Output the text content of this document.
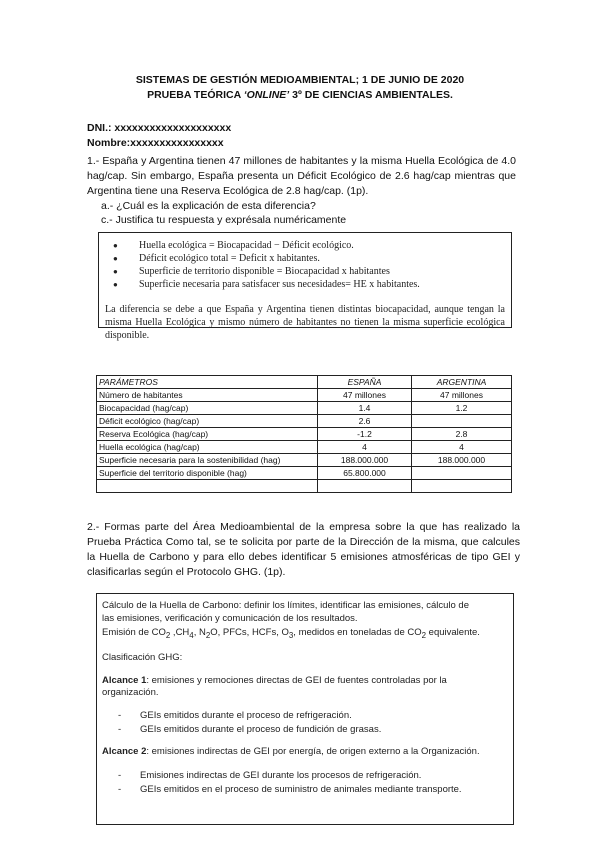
SISTEMAS DE GESTIÓN MEDIOAMBIENTAL; 1 DE JUNIO DE 2020
PRUEBA TEÓRICA ‘ONLINE’ 3º DE CIENCIAS AMBIENTALES.
DNI.: xxxxxxxxxxxxxxxxxxxx
Nombre:xxxxxxxxxxxxxxxx
1.- España y Argentina tienen 47 millones de habitantes y la misma Huella Ecológica de 4.0 hag/cap. Sin embargo, España presenta un Déficit Ecológico de 2.6 hag/cap mientras que Argentina tiene una Reserva Ecológica de 2.8 hag/cap. (1p).
a.- ¿Cuál es la explicación de esta diferencia?
c.- Justifica tu respuesta y exprésala numéricamente
● Huella ecológica = Biocapacidad − Déficit ecológico.
● Déficit ecológico total = Deficit x habitantes.
● Superficie de territorio disponible = Biocapacidad x habitantes
● Superficie necesaria para satisfacer sus necesidades= HE x habitantes.
La diferencia se debe a que España y Argentina tienen distintas biocapacidad, aunque tengan la misma Huella Ecológica y mismo número de habitantes no tienen la misma superficie ecológica disponible.
PARÁMETROS	ESPAÑA	ARGENTINA
Número de habitantes	47 millones	47 millones
Biocapacidad (hag/cap)	1.4	1.2
Déficit ecológico (hag/cap)	2.6	
Reserva Ecológica (hag/cap)	-1.2	2.8
Huella ecológica (hag/cap)	4	4
Superficie necesaria para la sostenibilidad (hag)	188.000.000	188.000.000
Superficie del territorio disponible (hag)	65.800.000	

2.- Formas parte del Área Medioambiental de la empresa sobre la que has realizado la Prueba Práctica Como tal, se te solicita por parte de la Dirección de la misma, que calcules la Huella de Carbono y para ello debes identificar 5 emisiones atmosféricas de tipo GEI y clasificarlas según el Protocolo GHG. (1p).
Cálculo de la Huella de Carbono: definir los límites, identificar las emisiones, cálculo de
las emisiones, verificación y comunicación de los resultados.
Emisión de $CO_2$ $,CH_4$, $N_2O$, PFCs, HCFs, $O_3$, medidos en toneladas de $CO_2$ equivalente.
Clasificación GHG:
Alcance 1: emisiones y remociones directas de GEI de fuentes controladas por la
organización.
- GEIs emitidos durante el proceso de refrigeración.
- GEIs emitidos durante el proceso de fundición de grasas.
Alcance 2: emisiones indirectas de GEI por energía, de origen externo a la Organización.
- Emisiones indirectas de GEI durante los procesos de refrigeración.
- GEIs emitidos en el proceso de suministro de animales mediante transporte.
